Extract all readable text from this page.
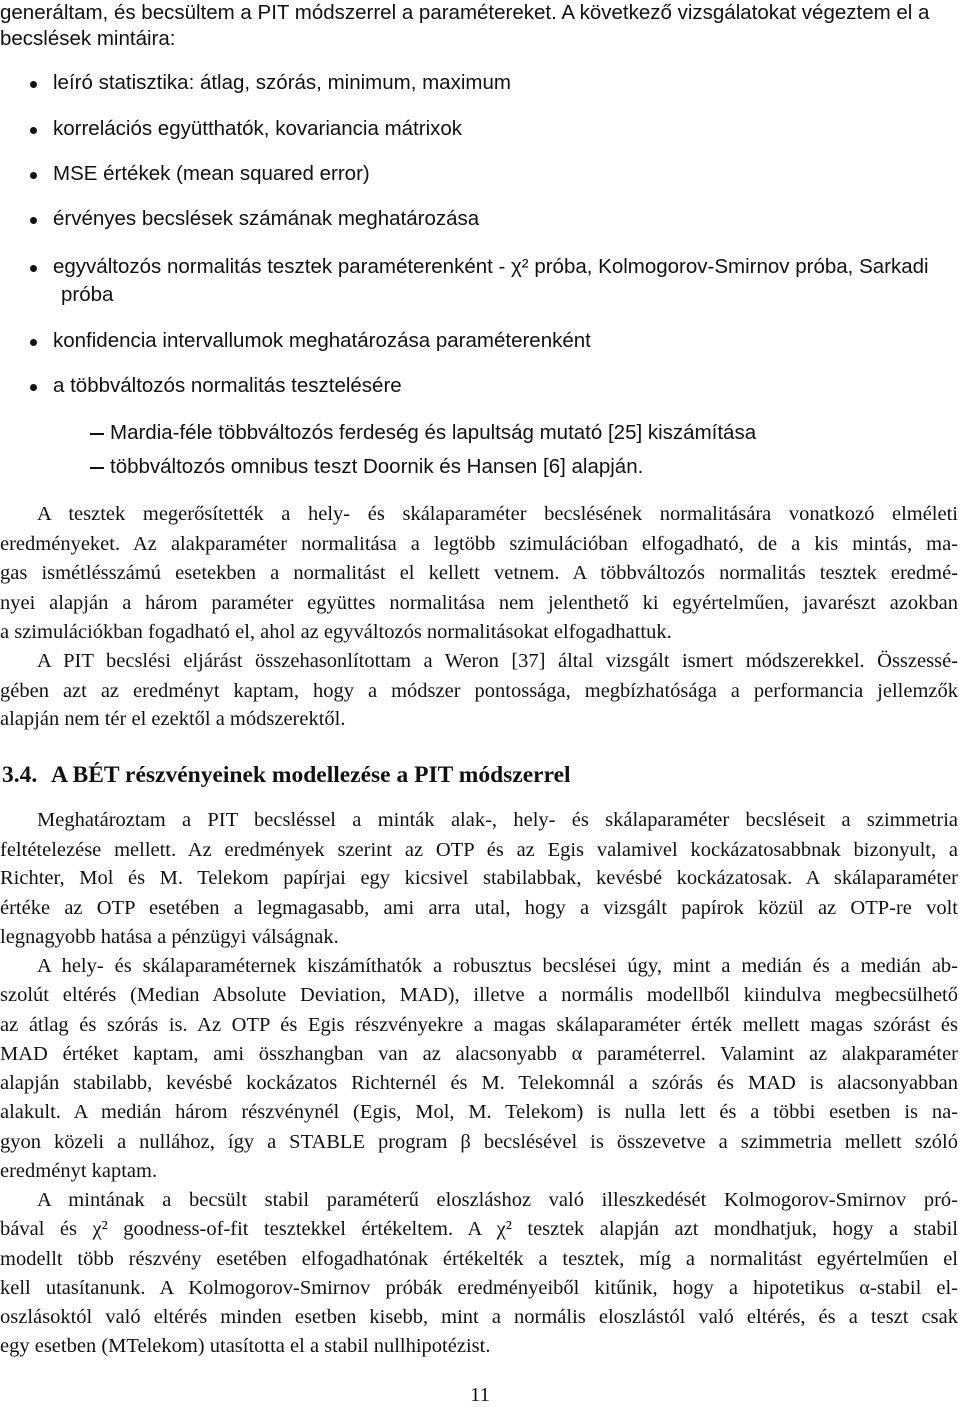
generáltam, és becsültem a PIT módszerrel a paramétereket. A következő vizsgálatokat végeztem el a
becslések mintáira:
leíró statisztika: átlag, szórás, minimum, maximum
korrelációs együtthatók, kovariancia mátrixok
MSE értékek (mean squared error)
érvényes becslések számának meghatározása
egyváltozós normalitás tesztek paraméterenként - χ² próba, Kolmogorov-Smirnov próba, Sarkadi
próba
konfidencia intervallumok meghatározása paraméterenként
a többváltozós normalitás tesztelésére
Mardia-féle többváltozós ferdeség és lapultság mutató [25] kiszámítása
többváltozós omnibus teszt Doornik és Hansen [6] alapján.
A tesztek megerősítették a hely- és skálaparaméter becslésének normalitására vonatkozó elméleti
eredményeket. Az alakparaméter normalitása a legtöbb szimulációban elfogadható, de a kis mintás, ma-
gas ismétlésszámú esetekben a normalitást el kellett vetnem. A többváltozós normalitás tesztek eredmé-
nyei alapján a három paraméter együttes normalitása nem jelenthető ki egyértelműen, javarészt azokban
a szimulációkban fogadható el, ahol az egyváltozós normalitásokat elfogadhattuk.
A PIT becslési eljárást összehasonlítottam a Weron [37] által vizsgált ismert módszerekkel. Összessé-
gében azt az eredményt kaptam, hogy a módszer pontossága, megbízhatósága a performancia jellemzők
alapján nem tér el ezektől a módszerektől.
3.4. A BÉT részvényeinek modellezése a PIT módszerrel
Meghatároztam a PIT becsléssel a minták alak-, hely- és skálaparaméter becsléseit a szimmetria
feltételezése mellett. Az eredmények szerint az OTP és az Egis valamivel kockázatosabbnak bizonyult, a
Richter, Mol és M. Telekom papírjai egy kicsivel stabilabbak, kevésbé kockázatosak. A skálaparaméter
értéke az OTP esetében a legmagasabb, ami arra utal, hogy a vizsgált papírok közül az OTP-re volt
legnagyobb hatása a pénzügyi válságnak.
A hely- és skálaparaméternek kiszámíthatók a robusztus becslései úgy, mint a medián és a medián ab-
szolút eltérés (Median Absolute Deviation, MAD), illetve a normális modellből kiindulva megbecsülhető
az átlag és szórás is. Az OTP és Egis részvényekre a magas skálaparaméter érték mellett magas szórást és
MAD értéket kaptam, ami összhangban van az alacsonyabb α paraméterrel. Valamint az alakparaméter
alapján stabilabb, kevésbé kockázatos Richternél és M. Telekomnál a szórás és MAD is alacsonyabban
alakult. A medián három részvénynél (Egis, Mol, M. Telekom) is nulla lett és a többi esetben is na-
gyon közeli a nullához, így a STABLE program β becslésével is összevetve a szimmetria mellett szóló
eredményt kaptam.
A mintának a becsült stabil paraméterű eloszláshoz való illeszkedését Kolmogorov-Smirnov pró-
bával és χ² goodness-of-fit tesztekkel értékeltem. A χ² tesztek alapján azt mondhatjuk, hogy a stabil
modellt több részvény esetében elfogadhatónak értékelték a tesztek, míg a normalitást egyértelműen el
kell utasítanunk. A Kolmogorov-Smirnov próbák eredményeiből kitűnik, hogy a hipotetikus α-stabil el-
oszlásoktól való eltérés minden esetben kisebb, mint a normális eloszlástól való eltérés, és a teszt csak
egy esetben (MTelekom) utasította el a stabil nullhipotézist.
11
